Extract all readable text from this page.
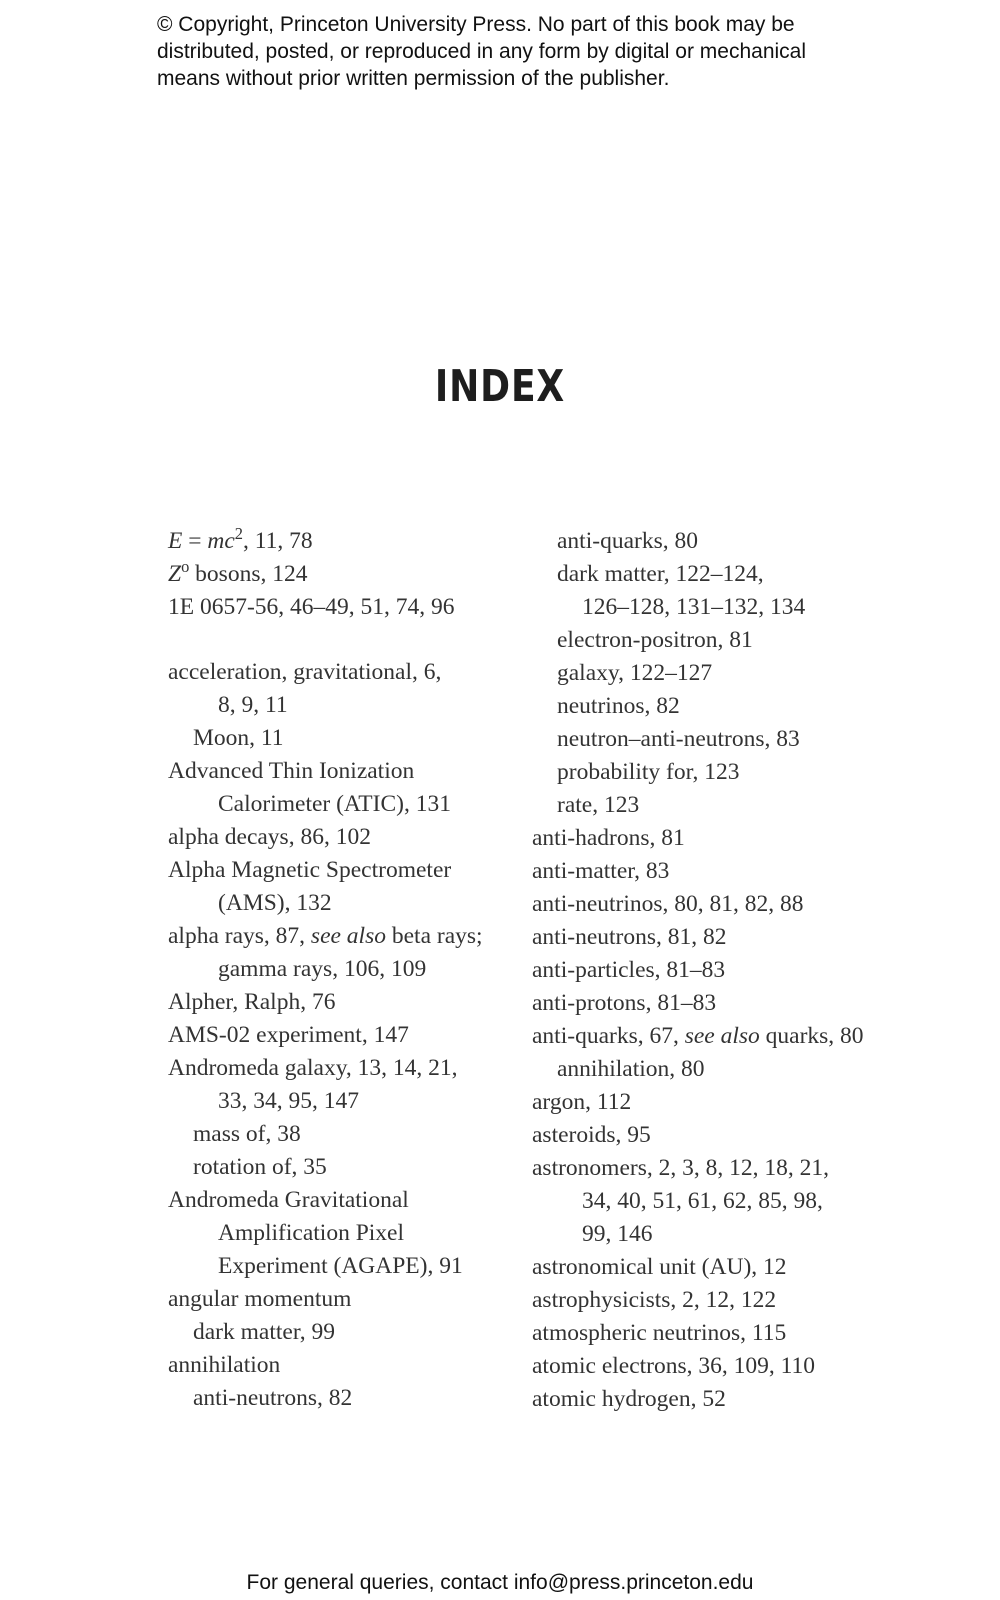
© Copyright, Princeton University Press. No part of this book may be
distributed, posted, or reproduced in any form by digital or mechanical
means without prior written permission of the publisher.
INDEX
$E = mc^2$, 11, 78
$Z^o$ bosons, 124
1E 0657-56, 46–49, 51, 74, 96
acceleration, gravitational, 6,
8, 9, 11
Moon, 11
Advanced Thin Ionization
Calorimeter (ATIC), 131
alpha decays, 86, 102
Alpha Magnetic Spectrometer
(AMS), 132
alpha rays, 87, see also beta rays;
gamma rays, 106, 109
Alpher, Ralph, 76
AMS-02 experiment, 147
Andromeda galaxy, 13, 14, 21,
33, 34, 95, 147
mass of, 38
rotation of, 35
Andromeda Gravitational
Amplification Pixel
Experiment (AGAPE), 91
angular momentum
dark matter, 99
annihilation
anti-neutrons, 82
anti-quarks, 80
dark matter, 122–124,
126–128, 131–132, 134
electron-positron, 81
galaxy, 122–127
neutrinos, 82
neutron–anti-neutrons, 83
probability for, 123
rate, 123
anti-hadrons, 81
anti-matter, 83
anti-neutrinos, 80, 81, 82, 88
anti-neutrons, 81, 82
anti-particles, 81–83
anti-protons, 81–83
anti-quarks, 67, see also quarks, 80
annihilation, 80
argon, 112
asteroids, 95
astronomers, 2, 3, 8, 12, 18, 21,
34, 40, 51, 61, 62, 85, 98,
99, 146
astronomical unit (AU), 12
astrophysicists, 2, 12, 122
atmospheric neutrinos, 115
atomic electrons, 36, 109, 110
atomic hydrogen, 52
For general queries, contact info@press.princeton.edu
